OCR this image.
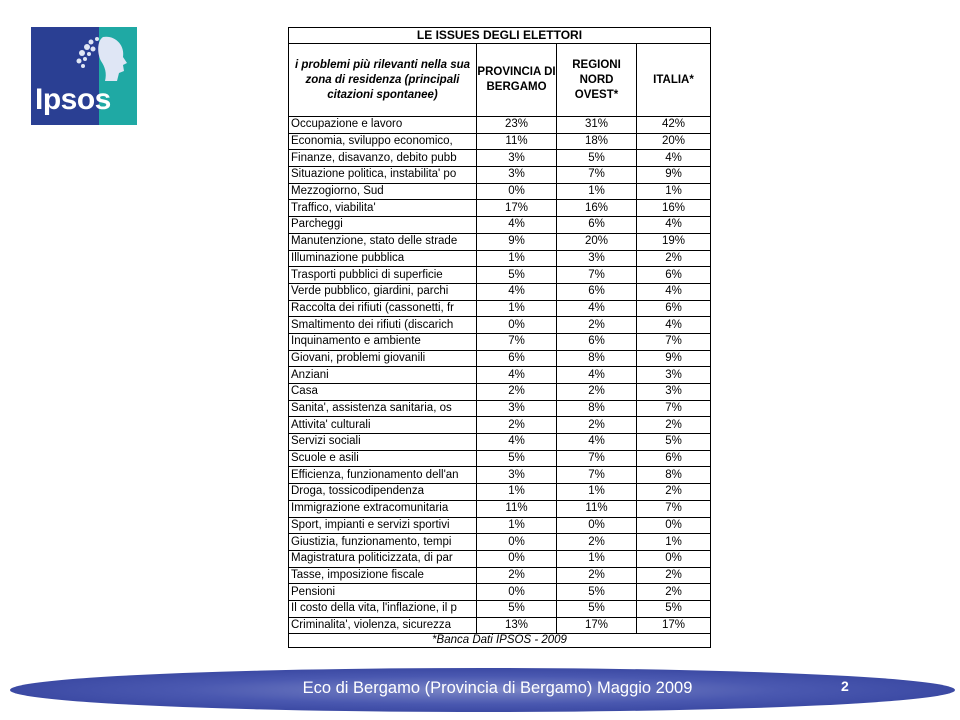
Ipsos
LE ISSUES DEGLI ELETTORI			
i problemi più rilevanti nella sua zona di residenza (principali citazioni spontanee)	PROVINCIA DI BERGAMO	REGIONI NORD OVEST*	ITALIA*
Occupazione e lavoro	23%	31%	42%
Economia, sviluppo economico,	11%	18%	20%
Finanze, disavanzo, debito pubb	3%	5%	4%
Situazione politica, instabilita' po	3%	7%	9%
Mezzogiorno, Sud	0%	1%	1%
Traffico, viabilita'	17%	16%	16%
Parcheggi	4%	6%	4%
Manutenzione, stato delle strade	9%	20%	19%
Illuminazione pubblica	1%	3%	2%
Trasporti pubblici di superficie	5%	7%	6%
Verde pubblico, giardini, parchi	4%	6%	4%
Raccolta dei rifiuti (cassonetti, fr	1%	4%	6%
Smaltimento dei rifiuti (discarich	0%	2%	4%
Inquinamento e ambiente	7%	6%	7%
Giovani, problemi giovanili	6%	8%	9%
Anziani	4%	4%	3%
Casa	2%	2%	3%
Sanita', assistenza sanitaria, os	3%	8%	7%
Attivita' culturali	2%	2%	2%
Servizi sociali	4%	4%	5%
Scuole e asili	5%	7%	6%
Efficienza, funzionamento dell'an	3%	7%	8%
Droga, tossicodipendenza	1%	1%	2%
Immigrazione extracomunitaria	11%	11%	7%
Sport, impianti e servizi sportivi	1%	0%	0%
Giustizia, funzionamento, tempi	0%	2%	1%
Magistratura politicizzata, di par	0%	1%	0%
Tasse, imposizione fiscale	2%	2%	2%
Pensioni	0%	5%	2%
Il costo della vita, l'inflazione, il p	5%	5%	5%
Criminalita', violenza, sicurezza	13%	17%	17%
*Banca Dati IPSOS - 2009			
Eco di Bergamo (Provincia di Bergamo) Maggio 2009	2
